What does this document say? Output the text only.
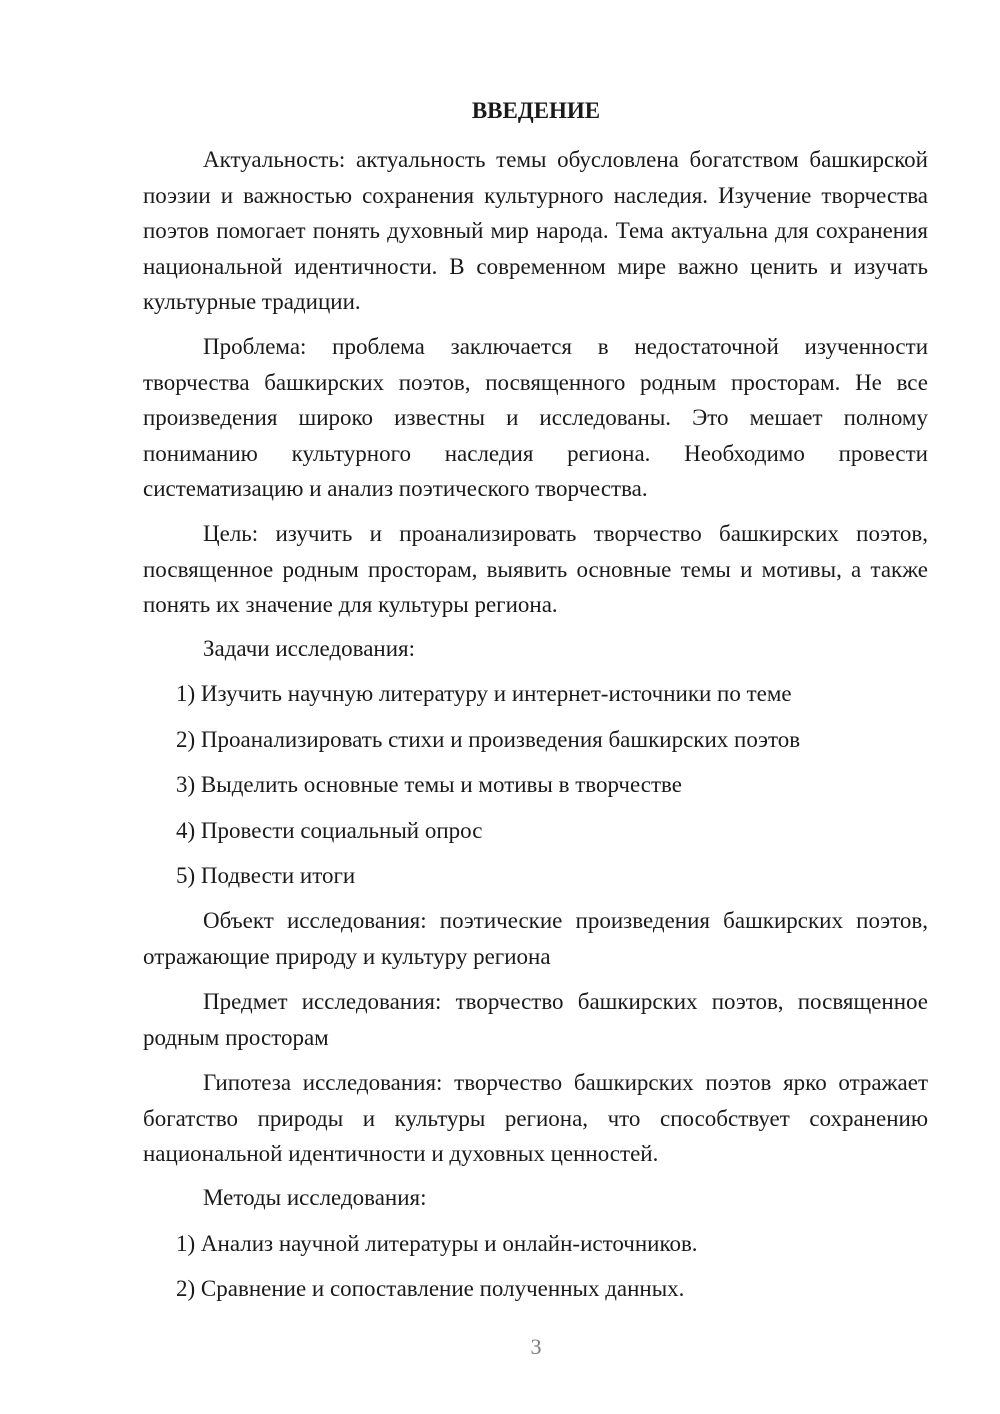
ВВЕДЕНИЕ
Актуальность: актуальность темы обусловлена богатством башкирской поэзии и важностью сохранения культурного наследия. Изучение творчества поэтов помогает понять духовный мир народа. Тема актуальна для сохранения национальной идентичности. В современном мире важно ценить и изучать культурные традиции.
Проблема: проблема заключается в недостаточной изученности творчества башкирских поэтов, посвященного родным просторам. Не все произведения широко известны и исследованы. Это мешает полному пониманию культурного наследия региона. Необходимо провести систематизацию и анализ поэтического творчества.
Цель: изучить и проанализировать творчество башкирских поэтов, посвященное родным просторам, выявить основные темы и мотивы, а также понять их значение для культуры региона.
Задачи исследования:
1) Изучить научную литературу и интернет-источники по теме
2) Проанализировать стихи и произведения башкирских поэтов
3) Выделить основные темы и мотивы в творчестве
4) Провести социальный опрос
5) Подвести итоги
Объект исследования: поэтические произведения башкирских поэтов, отражающие природу и культуру региона
Предмет исследования: творчество башкирских поэтов, посвященное родным просторам
Гипотеза исследования: творчество башкирских поэтов ярко отражает богатство природы и культуры региона, что способствует сохранению национальной идентичности и духовных ценностей.
Методы исследования:
1) Анализ научной литературы и онлайн-источников.
2) Сравнение и сопоставление полученных данных.
3
